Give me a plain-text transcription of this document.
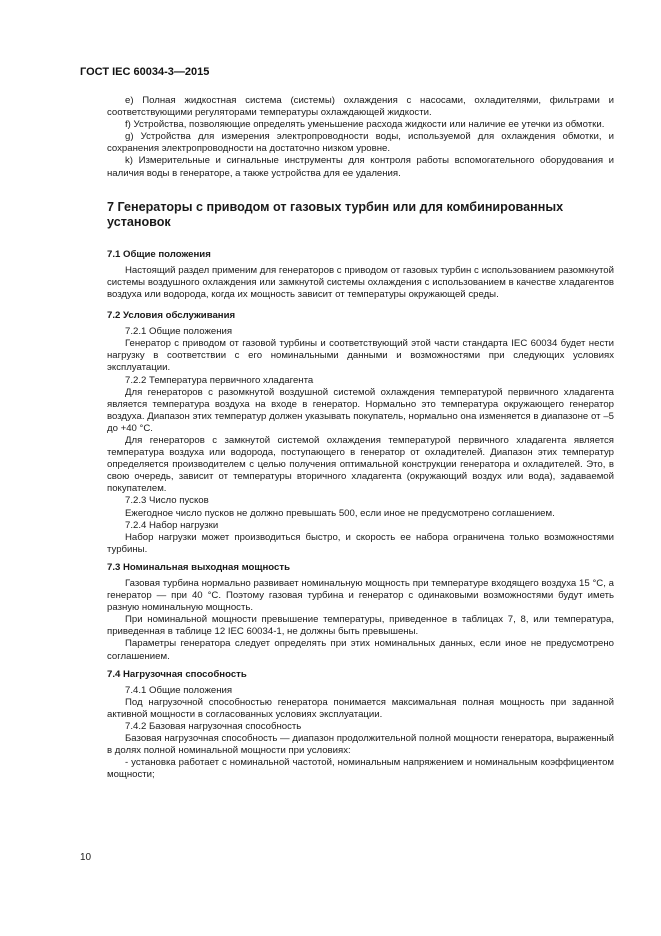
ГОСТ IEC 60034-3—2015

e) Полная жидкостная система (системы) охлаждения с насосами, охладителями, фильтрами и соответствующими регуляторами температуры охлаждающей жидкости.

f) Устройства, позволяющие определять уменьшение расхода жидкости или наличие ее утечки из обмотки.

g) Устройства для измерения электропроводности воды, используемой для охлаждения обмотки, и сохранения электропроводности на достаточно низком уровне.

k) Измерительные и сигнальные инструменты для контроля работы вспомогательного оборудования и наличия воды в генераторе, а также устройства для ее удаления.

7 Генераторы с приводом от газовых турбин или для комбинированных установок
7.1 Общие положения

Настоящий раздел применим для генераторов с приводом от газовых турбин с использованием разомкнутой системы воздушного охлаждения или замкнутой системы охлаждения с использованием в качестве хладагентов воздуха или водорода, когда их мощность зависит от температуры окружающей среды.

7.2 Условия обслуживания

7.2.1 Общие положения

Генератор с приводом от газовой турбины и соответствующий этой части стандарта IEC 60034 будет нести нагрузку в соответствии с его номинальными данными и возможностями при следующих условиях эксплуатации.

7.2.2 Температура первичного хладагента

Для генераторов с разомкнутой воздушной системой охлаждения температурой первичного хладагента является температура воздуха на входе в генератор. Нормально это температура окружающего генератор воздуха. Диапазон этих температур должен указывать покупатель, нормально она изменяется в диапазоне от –5 до +40 °С.

Для генераторов с замкнутой системой охлаждения температурой первичного хладагента является температура воздуха или водорода, поступающего в генератор от охладителей. Диапазон этих температур определяется производителем с целью получения оптимальной конструкции генератора и охладителей. Это, в свою очередь, зависит от температуры вторичного хладагента (окружающий воздух или вода), задаваемой покупателем.

7.2.3 Число пусков

Ежегодное число пусков не должно превышать 500, если иное не предусмотрено соглашением.

7.2.4 Набор нагрузки

Набор нагрузки может производиться быстро, и скорость ее набора ограничена только возможностями турбины.

7.3 Номинальная выходная мощность

Газовая турбина нормально развивает номинальную мощность при температуре входящего воздуха 15 °С, а генератор — при 40 °С. Поэтому газовая турбина и генератор с одинаковыми возможностями будут иметь разную номинальную мощность.

При номинальной мощности превышение температуры, приведенное в таблицах 7, 8, или температура, приведенная в таблице 12 IEC 60034-1, не должны быть превышены.

Параметры генератора следует определять при этих номинальных данных, если иное не предусмотрено соглашением.

7.4 Нагрузочная способность

7.4.1 Общие положения

Под нагрузочной способностью генератора понимается максимальная полная мощность при заданной активной мощности в согласованных условиях эксплуатации.

7.4.2 Базовая нагрузочная способность

Базовая нагрузочная способность — диапазон продолжительной полной мощности генератора, выраженный в долях полной номинальной мощности при условиях:

- установка работает с номинальной частотой, номинальным напряжением и номинальным коэффициентом мощности;

10
